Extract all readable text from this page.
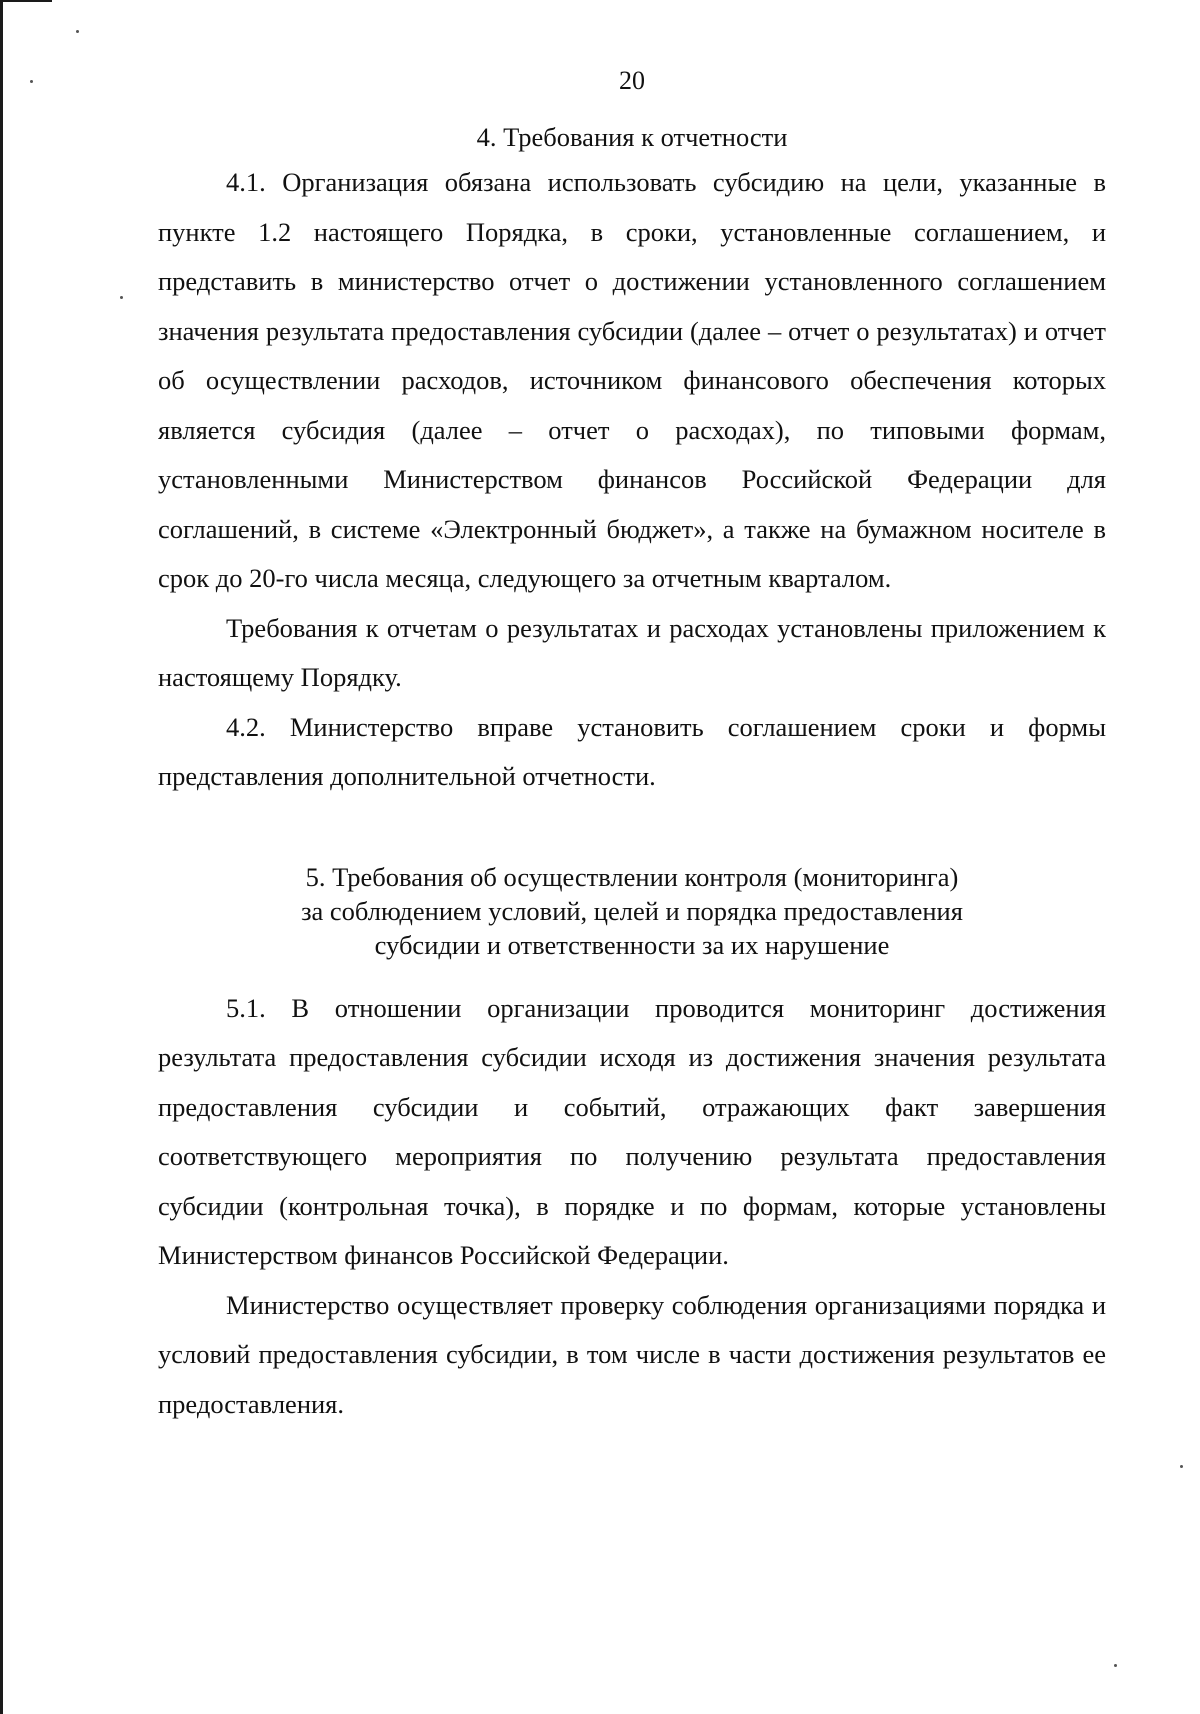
20
4. Требования к отчетности

4.1. Организация обязана использовать субсидию на цели, указанные в пункте 1.2 настоящего Порядка, в сроки, установленные соглашением, и представить в министерство отчет о достижении установленного соглашением значения результата предоставления субсидии (далее – отчет о результатах) и отчет об осуществлении расходов, источником финансового обеспечения которых является субсидия (далее – отчет о расходах), по типовыми формам, установленными Министерством финансов Российской Федерации для соглашений, в системе «Электронный бюджет», а также на бумажном носителе в срок до 20-го числа месяца, следующего за отчетным кварталом.

Требования к отчетам о результатах и расходах установлены приложением к настоящему Порядку.

4.2. Министерство вправе установить соглашением сроки и формы представления дополнительной отчетности.

5. Требования об осуществлении контроля (мониторинга)
за соблюдением условий, целей и порядка предоставления
субсидии и ответственности за их нарушение

5.1. В отношении организации проводится мониторинг достижения результата предоставления субсидии исходя из достижения значения результата предоставления субсидии и событий, отражающих факт завершения соответствующего мероприятия по получению результата предоставления субсидии (контрольная точка), в порядке и по формам, которые установлены Министерством финансов Российской Федерации.

Министерство осуществляет проверку соблюдения организациями порядка и условий предоставления субсидии, в том числе в части достижения результатов ее предоставления.
